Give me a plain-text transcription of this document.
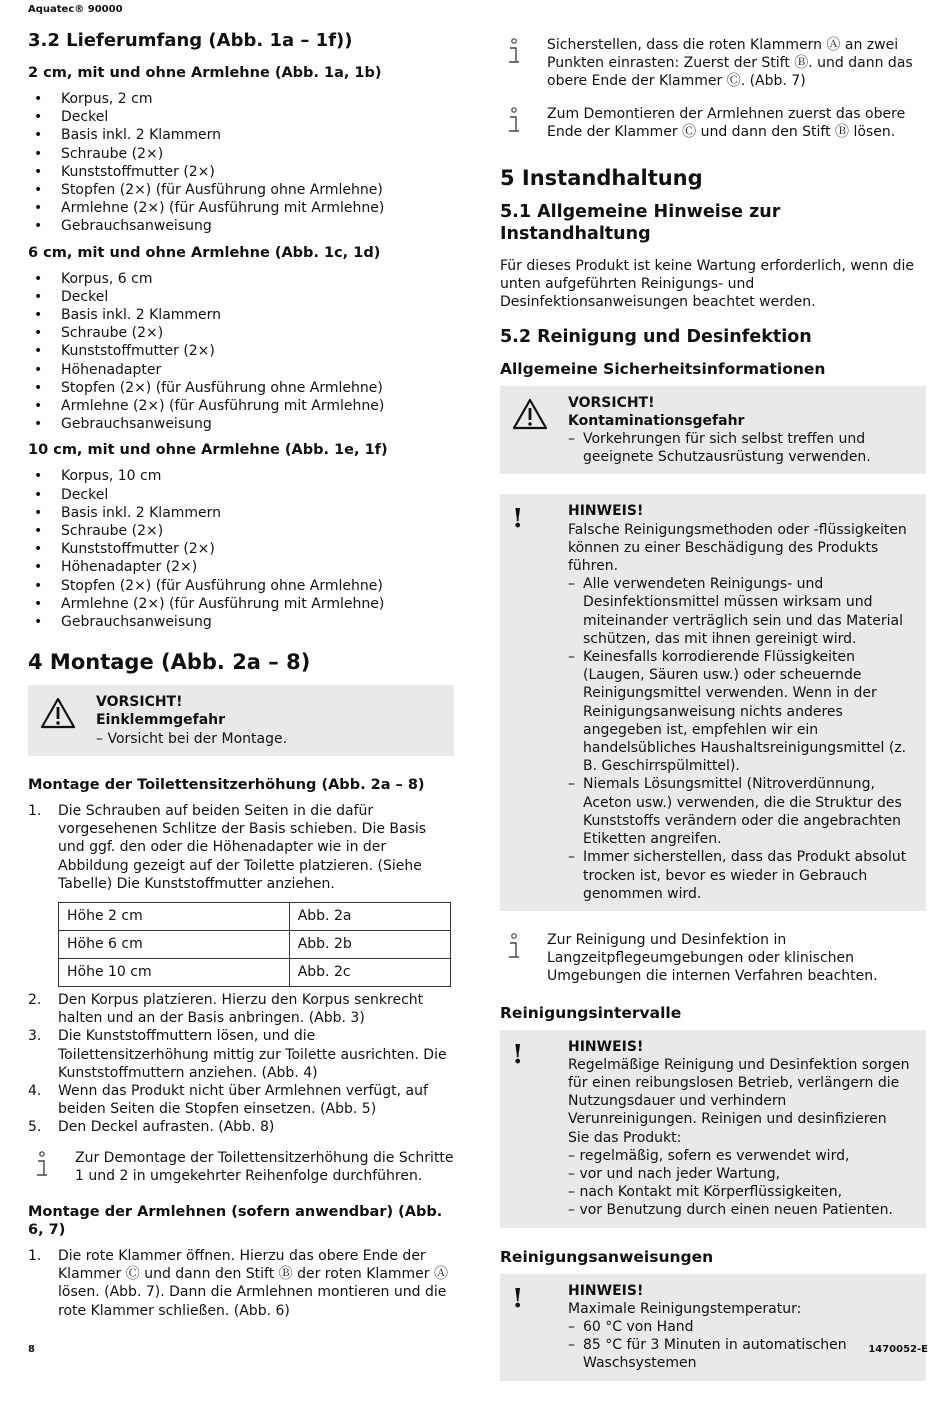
Aquatec® 90000
3.2 Lieferumfang (Abb. 1a – 1f))
2 cm, mit und ohne Armlehne (Abb. 1a, 1b)
• Korpus, 2 cm
• Deckel
• Basis inkl. 2 Klammern
• Schraube (2×)
• Kunststoffmutter (2×)
• Stopfen (2×) (für Ausführung ohne Armlehne)
• Armlehne (2×) (für Ausführung mit Armlehne)
• Gebrauchsanweisung
6 cm, mit und ohne Armlehne (Abb. 1c, 1d)
• Korpus, 6 cm
• Deckel
• Basis inkl. 2 Klammern
• Schraube (2×)
• Kunststoffmutter (2×)
• Höhenadapter
• Stopfen (2×) (für Ausführung ohne Armlehne)
• Armlehne (2×) (für Ausführung mit Armlehne)
• Gebrauchsanweisung
10 cm, mit und ohne Armlehne (Abb. 1e, 1f)
• Korpus, 10 cm
• Deckel
• Basis inkl. 2 Klammern
• Schraube (2×)
• Kunststoffmutter (2×)
• Höhenadapter (2×)
• Stopfen (2×) (für Ausführung ohne Armlehne)
• Armlehne (2×) (für Ausführung mit Armlehne)
• Gebrauchsanweisung
4 Montage (Abb. 2a – 8)
VORSICHT!
Einklemmgefahr
– Vorsicht bei der Montage.
Montage der Toilettensitzerhöhung (Abb. 2a – 8)
1. Die Schrauben auf beiden Seiten in die dafür vorgesehenen Schlitze der Basis schieben. Die Basis und ggf. den oder die Höhenadapter wie in der Abbildung gezeigt auf der Toilette platzieren. (Siehe Tabelle) Die Kunststoffmutter anziehen.
Höhe 2 cm	Abb. 2a
Höhe 6 cm	Abb. 2b
Höhe 10 cm	Abb. 2c
2. Den Korpus platzieren. Hierzu den Korpus senkrecht halten und an der Basis anbringen. (Abb. 3)
3. Die Kunststoffmuttern lösen, und die Toilettensitzerhöhung mittig zur Toilette ausrichten. Die Kunststoffmuttern anziehen. (Abb. 4)
4. Wenn das Produkt nicht über Armlehnen verfügt, auf beiden Seiten die Stopfen einsetzen. (Abb. 5)
5. Den Deckel aufrasten. (Abb. 8)
Zur Demontage der Toilettensitzerhöhung die Schritte 1 und 2 in umgekehrter Reihenfolge durchführen.
Montage der Armlehnen (sofern anwendbar) (Abb. 6, 7)
1. Die rote Klammer öffnen. Hierzu das obere Ende der Klammer Ⓒ und dann den Stift Ⓑ der roten Klammer Ⓐ lösen. (Abb. 7). Dann die Armlehnen montieren und die rote Klammer schließen. (Abb. 6)
Sicherstellen, dass die roten Klammern Ⓐ an zwei Punkten einrasten: Zuerst der Stift Ⓑ. und dann das obere Ende der Klammer Ⓒ. (Abb. 7)
Zum Demontieren der Armlehnen zuerst das obere Ende der Klammer Ⓒ und dann den Stift Ⓑ lösen.
5 Instandhaltung
5.1 Allgemeine Hinweise zur Instandhaltung

Für dieses Produkt ist keine Wartung erforderlich, wenn die unten aufgeführten Reinigungs- und Desinfektionsanweisungen beachtet werden.

5.2 Reinigung und Desinfektion
Allgemeine Sicherheitsinformationen
VORSICHT!
Kontaminationsgefahr
– Vorkehrungen für sich selbst treffen und geeignete Schutzausrüstung verwenden.
!	HINWEIS!
Falsche Reinigungsmethoden oder -flüssigkeiten können zu einer Beschädigung des Produkts führen.
– Alle verwendeten Reinigungs- und Desinfektionsmittel müssen wirksam und miteinander verträglich sein und das Material schützen, das mit ihnen gereinigt wird.
– Keinesfalls korrodierende Flüssigkeiten (Laugen, Säuren usw.) oder scheuernde Reinigungsmittel verwenden. Wenn in der Reinigungsanweisung nichts anderes angegeben ist, empfehlen wir ein handelsübliches Haushaltsreinigungsmittel (z. B. Geschirrspülmittel).
– Niemals Lösungsmittel (Nitroverdünnung, Aceton usw.) verwenden, die die Struktur des Kunststoffs verändern oder die angebrachten Etiketten angreifen.
– Immer sicherstellen, dass das Produkt absolut trocken ist, bevor es wieder in Gebrauch genommen wird.
Zur Reinigung und Desinfektion in Langzeitpflegeumgebungen oder klinischen Umgebungen die internen Verfahren beachten.
Reinigungsintervalle
!	HINWEIS!
Regelmäßige Reinigung und Desinfektion sorgen für einen reibungslosen Betrieb, verlängern die Nutzungsdauer und verhindern Verunreinigungen. Reinigen und desinfizieren Sie das Produkt:
– regelmäßig, sofern es verwendet wird,
– vor und nach jeder Wartung,
– nach Kontakt mit Körperflüssigkeiten,
– vor Benutzung durch einen neuen Patienten.
Reinigungsanweisungen
!	HINWEIS!
Maximale Reinigungstemperatur:
– 60 °C von Hand
– 85 °C für 3 Minuten in automatischen Waschsystemen
8	1470052-E
